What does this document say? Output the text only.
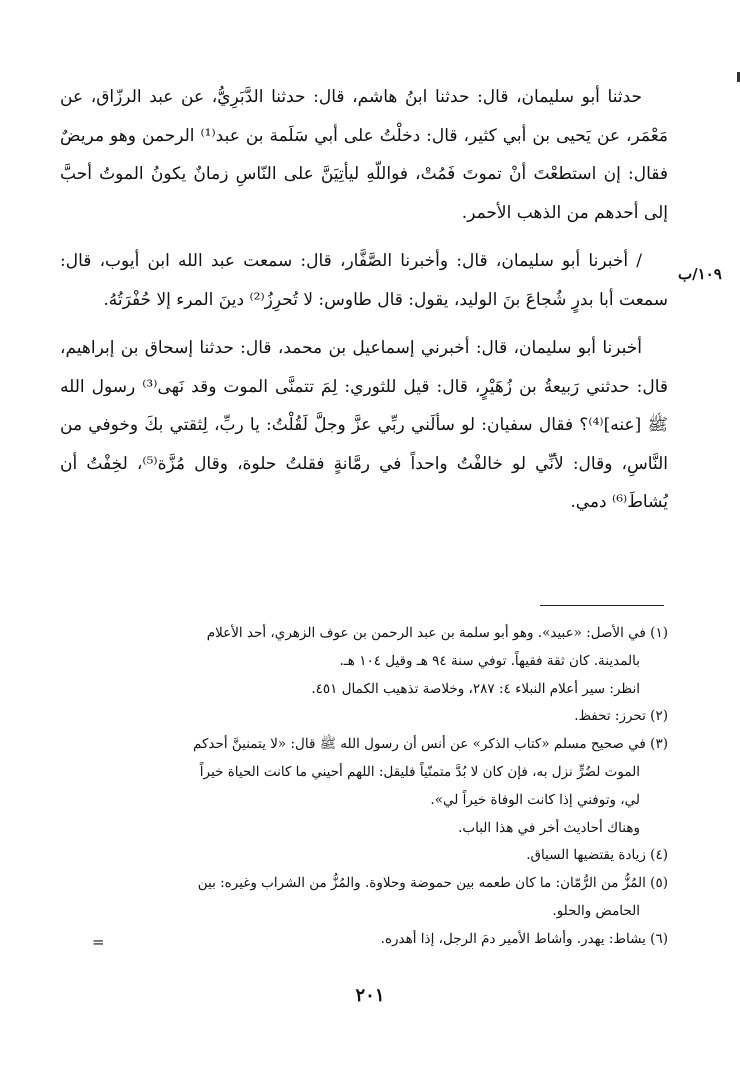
١٠٩/ب

حدثنا أبو سليمان، قال: حدثنا ابنُ هاشم، قال: حدثنا الدَّبَرِيُّ، عن عبد الرزّاق، عن مَعْمَر، عن يَحيى بن أبي كثير، قال: دخلْتُ على أبي سَلَمة بن عبد⁽¹⁾ الرحمن وهو مريضٌ فقال: إن استطعْتَ أنْ تموتَ فَمُتْ، فواللّهِ ليأتِيَنَّ على النّاسِ زمانٌ يكونُ الموتُ أحبَّ إلى أحدهم من الذهب الأحمر.

/ أخبرنا أبو سليمان، قال: وأخبرنا الصَّفَّار، قال: سمعت عبد الله ابن أيوب، قال: سمعت أبا بدرٍ شُجاعَ بنَ الوليد، يقول: قال طاوس: لا تُحرِزُ⁽²⁾ دينَ المرء إلا حُفْرَتُهُ.

أخبرنا أبو سليمان، قال: أخبرني إسماعيل بن محمد، قال: حدثنا إسحاق بن إبراهيم، قال: حدثني رَبيعةُ بن زُهَيْرٍ، قال: قيل للثوري: لِمَ تتمنَّى الموت وقد نَهى⁽³⁾ رسول الله ﷺ [عنه]⁽⁴⁾؟ فقال سفيان: لو سألَني ربِّي عزَّ وجلَّ لَقُلْتُ: يا ربِّ، لِثقتي بكَ وخوفي من النَّاسِ، وقال: لأنِّي لو خالفْتُ واحداً في رمَّانةٍ فقلتُ حلوة، وقال مُزَّة⁽⁵⁾، لخِفْتُ أن يُشاطَ⁽⁶⁾ دمي.

(١) في الأصل: «عبيد». وهو أبو سلمة بن عبد الرحمن بن عوف الزهري، أحد الأعلام

بالمدينة. كان ثقة فقيهاً. توفي سنة ٩٤ هـ وقيل ١٠٤ هـ.

انظر: سير أعلام النبلاء ٤: ٢٨٧، وخلاصة تذهيب الكمال ٤٥١.

(٢) تحرز: تحفظ.

(٣) في صحيح مسلم «كتاب الذكر» عن أنس أن رسول الله ﷺ قال: «لا يتمنينَّ أحدكم

الموت لضُرٍّ نزل به، فإن كان لا بُدَّ متمنّياً فليقل: اللهم أحيني ما كانت الحياة خيراً

لي، وتوفني إذا كانت الوفاة خيراً لي».

وهناك أحاديث أخر في هذا الباب.

(٤) زيادة يقتضيها السياق.

(٥) المُزُّ من الرُّمّان: ما كان طعمه بين حموضة وحلاوة. والمُزُّ من الشراب وغيره: بين

الحامض والحلو.

(٦) يشاط: يهدر. وأشاط الأمير دمَ الرجل، إذا أهدره.

=
٢٠١
